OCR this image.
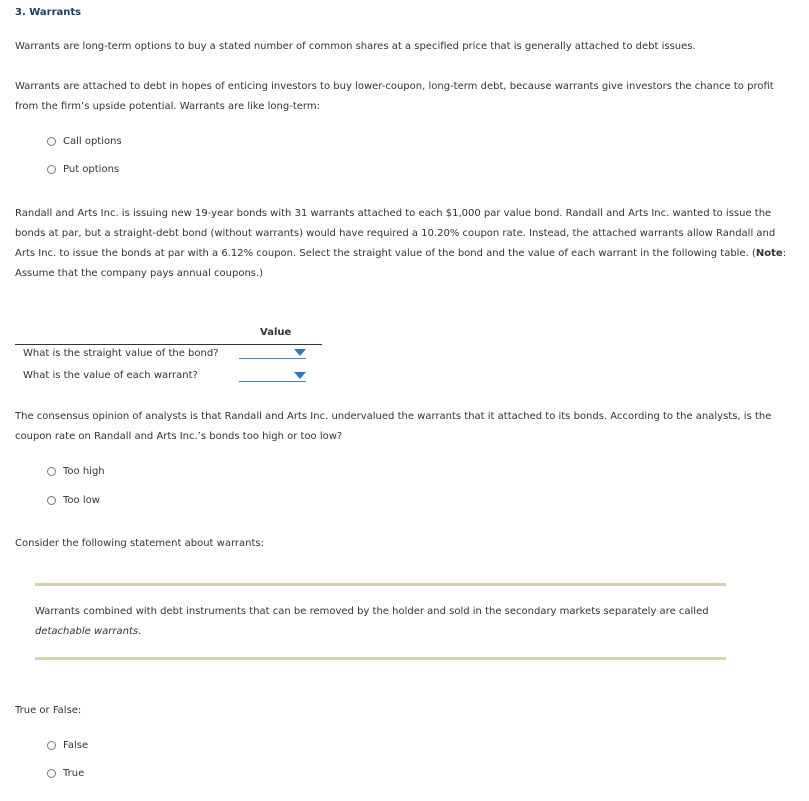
3. Warrants

Warrants are long-term options to buy a stated number of common shares at a specified price that is generally attached to debt issues.

Warrants are attached to debt in hopes of enticing investors to buy lower-coupon, long-term debt, because warrants give investors the chance to profit from the firm’s upside potential. Warrants are like long-term:

Call options
Put options

Randall and Arts Inc. is issuing new 19-year bonds with 31 warrants attached to each $1,000 par value bond. Randall and Arts Inc. wanted to issue the bonds at par, but a straight-debt bond (without warrants) would have required a 10.20% coupon rate. Instead, the attached warrants allow Randall and Arts Inc. to issue the bonds at par with a 6.12% coupon. Select the straight value of the bond and the value of each warrant in the following table. (Note: Assume that the company pays annual coupons.)

Value
What is the straight value of the bond?
What is the value of each warrant?

The consensus opinion of analysts is that Randall and Arts Inc. undervalued the warrants that it attached to its bonds. According to the analysts, is the coupon rate on Randall and Arts Inc.’s bonds too high or too low?

Too high
Too low
Consider the following statement about warrants:

Warrants combined with debt instruments that can be removed by the holder and sold in the secondary markets separately are called detachable warrants.

True or False:
False
True
